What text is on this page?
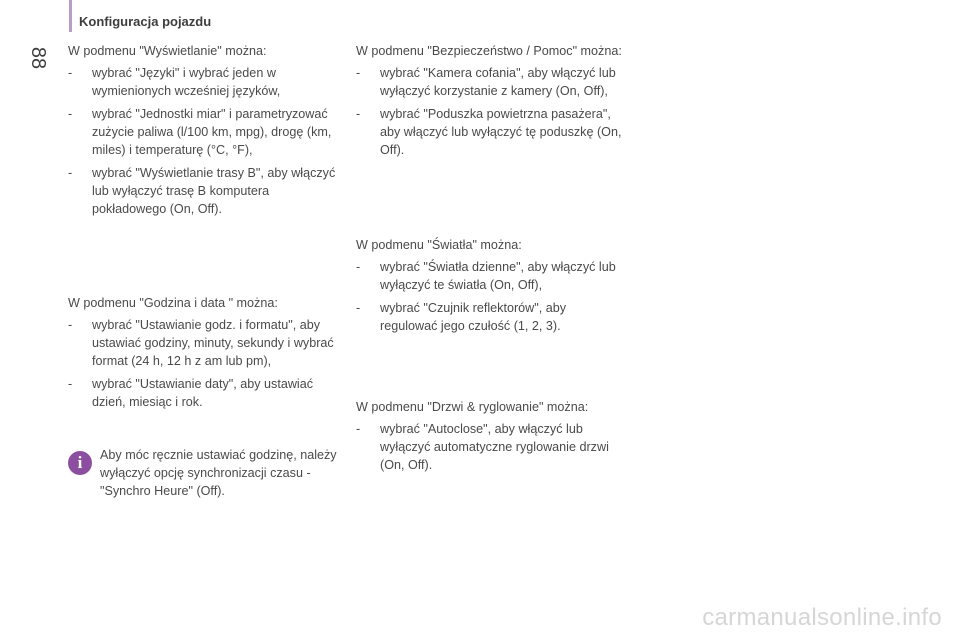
Konfiguracja pojazdu
88 W podmenu "Wyświetlanie" można:

- wybrać "Języki" i wybrać jeden w wymienionych wcześniej języków,
- wybrać "Jednostki miar" i parametryzować zużycie paliwa (l/100 km, mpg), drogę (km, miles) i temperaturę (°C, °F),
- wybrać "Wyświetlanie trasy B", aby włączyć lub wyłączyć trasę B komputera pokładowego (On, Off).

W podmenu "Godzina i data " można:

- wybrać "Ustawianie godz. i formatu", aby ustawiać godziny, minuty, sekundy i wybrać format (24 h, 12 h z am lub pm),
- wybrać "Ustawianie daty", aby ustawiać dzień, miesiąc i rok.
i	Aby móc ręcznie ustawiać godzinę, należy wyłączyć opcję synchronizacji czasu - "Synchro Heure" (Off).

W podmenu "Bezpieczeństwo / Pomoc" można:

- wybrać "Kamera cofania", aby włączyć lub wyłączyć korzystanie z kamery (On, Off),
- wybrać "Poduszka powietrzna pasażera", aby włączyć lub wyłączyć tę poduszkę (On, Off).

W podmenu "Światła" można:

- wybrać "Światła dzienne", aby włączyć lub wyłączyć te światła (On, Off),
- wybrać "Czujnik reflektorów", aby regulować jego czułość (1, 2, 3).

W podmenu "Drzwi & ryglowanie" można:

- wybrać "Autoclose", aby włączyć lub wyłączyć automatyczne ryglowanie drzwi (On, Off).
carmanualsonline.info
